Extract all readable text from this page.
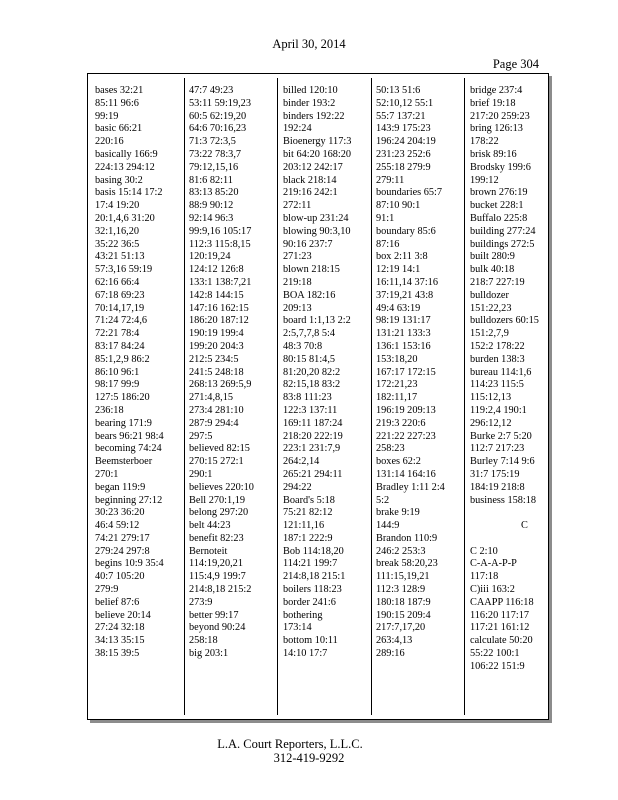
April 30, 2014
Page 304
bases 32:21
85:11 96:6
99:19
basic 66:21
220:16
basically 166:9
224:13 294:12
basing 30:2
basis 15:14 17:2
17:4 19:20
20:1,4,6 31:20
32:1,16,20
35:22 36:5
43:21 51:13
57:3,16 59:19
62:16 66:4
67:18 69:23
70:14,17,19
71:24 72:4,6
72:21 78:4
83:17 84:24
85:1,2,9 86:2
86:10 96:1
98:17 99:9
127:5 186:20
236:18
bearing 171:9
bears 96:21 98:4
becoming 74:24
Beemsterboer
270:1
began 119:9
beginning 27:12
30:23 36:20
46:4 59:12
74:21 279:17
279:24 297:8
begins 10:9 35:4
40:7 105:20
279:9
belief 87:6
believe 20:14
27:24 32:18
34:13 35:15
38:15 39:5
47:7 49:23
53:11 59:19,23
60:5 62:19,20
64:6 70:16,23
71:3 72:3,5
73:22 78:3,7
79:12,15,16
81:6 82:11
83:13 85:20
88:9 90:12
92:14 96:3
99:9,16 105:17
112:3 115:8,15
120:19,24
124:12 126:8
133:1 138:7,21
142:8 144:15
147:16 162:15
186:20 187:12
190:19 199:4
199:20 204:3
212:5 234:5
241:5 248:18
268:13 269:5,9
271:4,8,15
273:4 281:10
287:9 294:4
297:5
believed 82:15
270:15 272:1
290:1
believes 220:10
Bell 270:1,19
belong 297:20
belt 44:23
benefit 82:23
Bernoteit
114:19,20,21
115:4,9 199:7
214:8,18 215:2
273:9
better 99:17
beyond 90:24
258:18
big 203:1
billed 120:10
binder 193:2
binders 192:22
192:24
Bioenergy 117:3
bit 64:20 168:20
203:12 242:17
black 218:14
219:16 242:1
272:11
blow-up 231:24
blowing 90:3,10
90:16 237:7
271:23
blown 218:15
219:18
BOA 182:16
209:13
board 1:1,13 2:2
2:5,7,7,8 5:4
48:3 70:8
80:15 81:4,5
81:20,20 82:2
82:15,18 83:2
83:8 111:23
122:3 137:11
169:11 187:24
218:20 222:19
223:1 231:7,9
264:2,14
265:21 294:11
294:22
Board's 5:18
75:21 82:12
121:11,16
187:1 222:9
Bob 114:18,20
114:21 199:7
214:8,18 215:1
boilers 118:23
border 241:6
bothering
173:14
bottom 10:11
14:10 17:7
50:13 51:6
52:10,12 55:1
55:7 137:21
143:9 175:23
196:24 204:19
231:23 252:6
255:18 279:9
279:11
boundaries 65:7
87:10 90:1
91:1
boundary 85:6
87:16
box 2:11 3:8
12:19 14:1
16:11,14 37:16
37:19,21 43:8
49:4 63:19
98:19 131:17
131:21 133:3
136:1 153:16
153:18,20
167:17 172:15
172:21,23
182:11,17
196:19 209:13
219:3 220:6
221:22 227:23
258:23
boxes 62:2
131:14 164:16
Bradley 1:11 2:4
5:2
brake 9:19
144:9
Brandon 110:9
246:2 253:3
break 58:20,23
111:15,19,21
112:3 128:9
180:18 187:9
190:15 209:4
217:7,17,20
263:4,13
289:16
bridge 237:4
brief 19:18
217:20 259:23
bring 126:13
178:22
brisk 89:16
Brodsky 199:6
199:12
brown 276:19
bucket 228:1
Buffalo 225:8
building 277:24
buildings 272:5
built 280:9
bulk 40:18
218:7 227:19
bulldozer
151:22,23
bulldozers 60:15
151:2,7,9
152:2 178:22
burden 138:3
bureau 114:1,6
114:23 115:5
115:12,13
119:2,4 190:1
296:12,12
Burke 2:7 5:20
112:7 217:23
Burley 7:14 9:6
31:7 175:19
184:19 218:8
business 158:18
C
C 2:10
C-A-A-P-P
117:18
C)iii 163:2
CAAPP 116:18
116:20 117:17
117:21 161:12
calculate 50:20
55:22 100:1
106:22 151:9
L.A. Court Reporters, L.L.C.
312-419-9292
